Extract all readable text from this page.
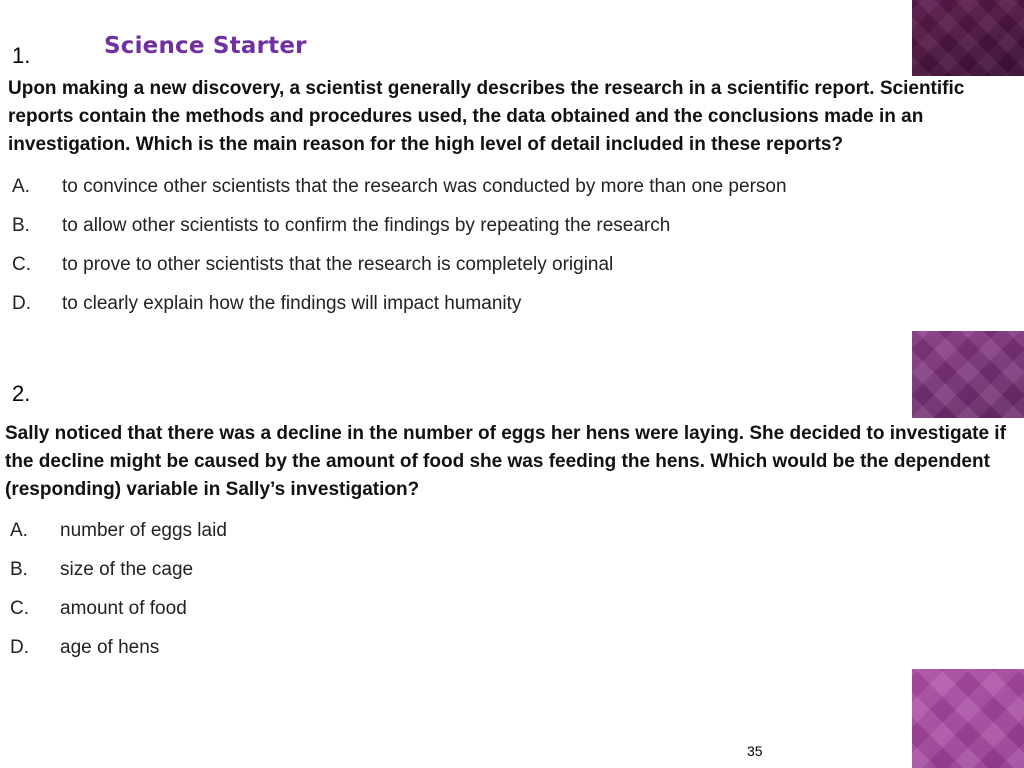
1.	Science Starter
Upon making a new discovery, a scientist generally describes the research in a scientific report. Scientific reports contain the methods and procedures used, the data obtained and the conclusions made in an investigation. Which is the main reason for the high level of detail included in these reports?
A.	to convince other scientists that the research was conducted by more than one person
B.	to allow other scientists to confirm the findings by repeating the research
C.	to prove to other scientists that the research is completely original
D.	to clearly explain how the findings will impact humanity
2.
Sally noticed that there was a decline in the number of eggs her hens were laying. She decided to investigate if the decline might be caused by the amount of food she was feeding the hens. Which would be the dependent (responding) variable in Sally’s investigation?
A.	number of eggs laid
B.	size of the cage
C.	amount of food
D.	age of hens
35
